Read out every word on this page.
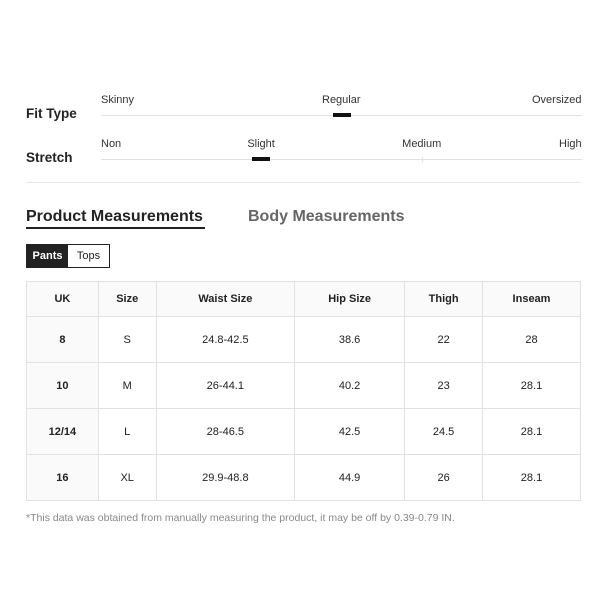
Fit Type
Skinny	Regular	Oversized
Stretch
Non	Slight	Medium	High
Product Measurements	Body Measurements
Pants	Tops
UK	Size	Waist Size	Hip Size	Thigh	Inseam
8	S	24.8-42.5	38.6	22	28
10	M	26-44.1	40.2	23	28.1
12/14	L	28-46.5	42.5	24.5	28.1
16	XL	29.9-48.8	44.9	26	28.1

*This data was obtained from manually measuring the product, it may be off by 0.39-0.79 IN.
